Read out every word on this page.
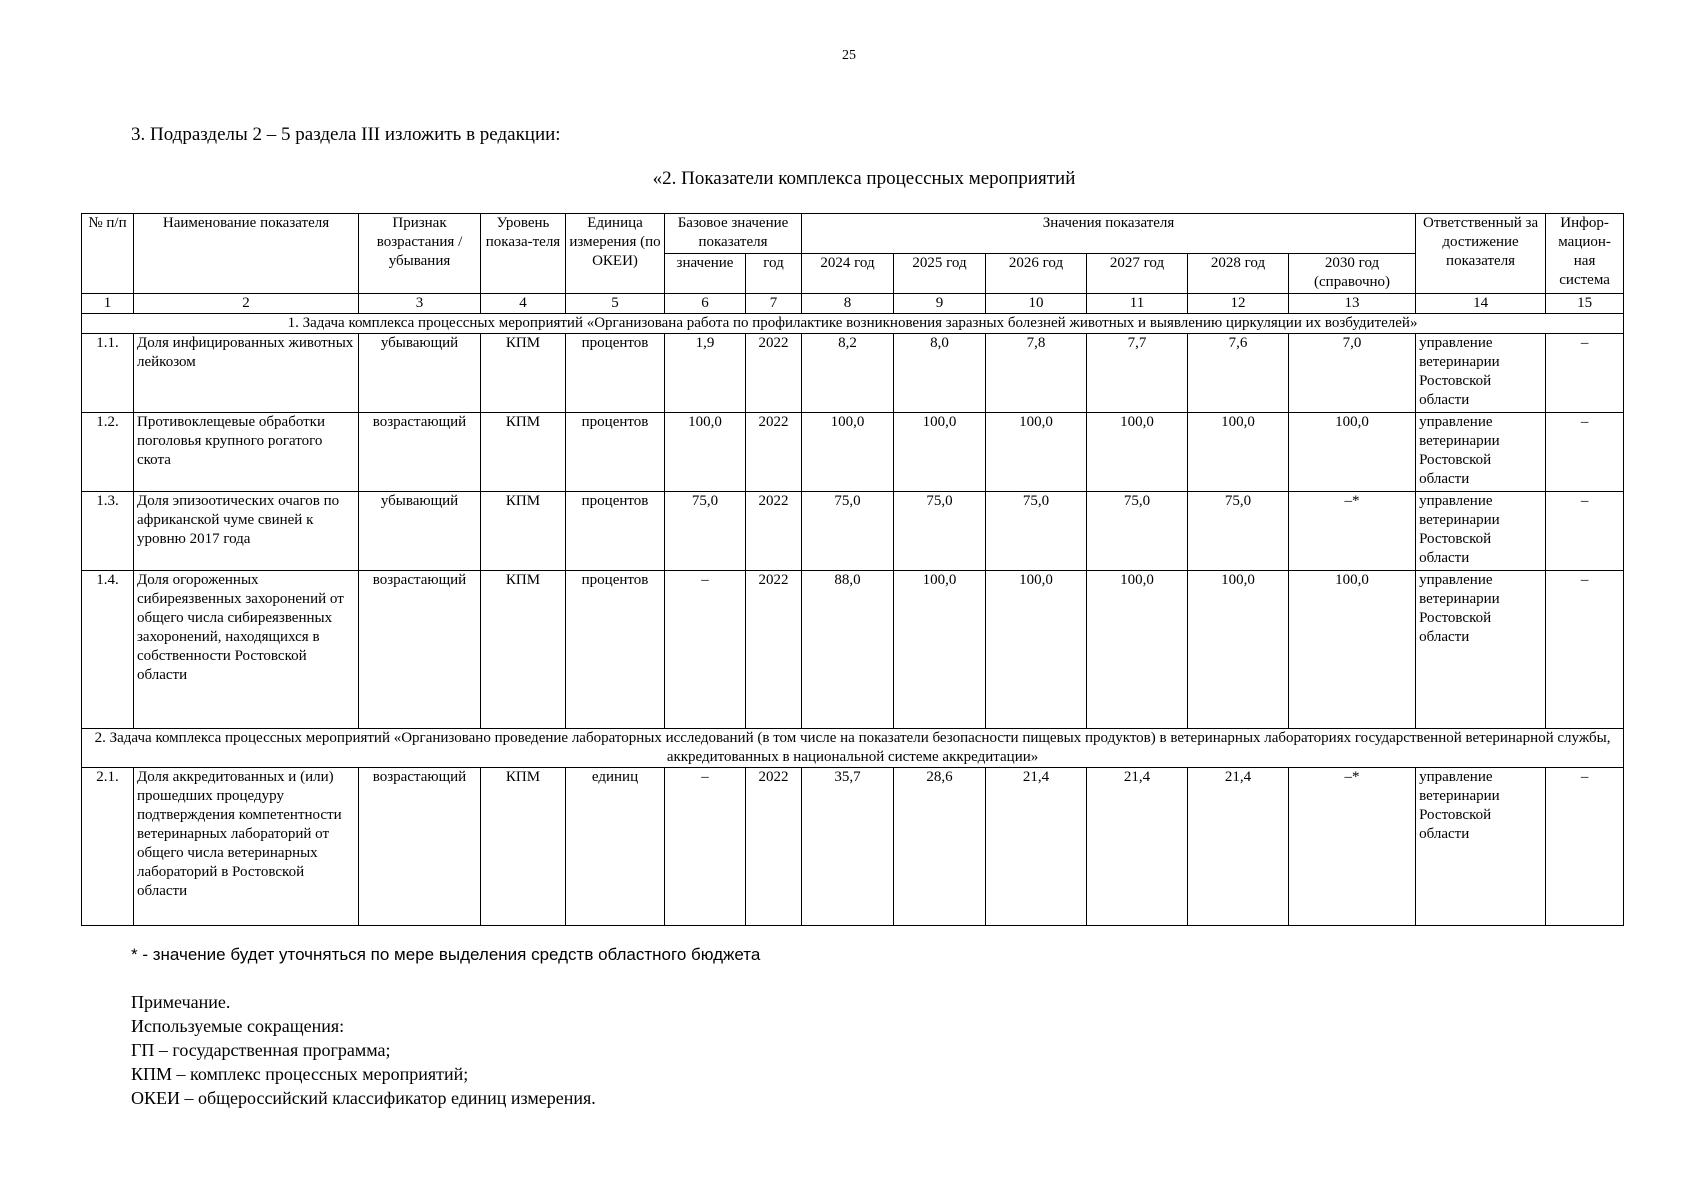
25
3. Подразделы 2 – 5 раздела III изложить в редакции:
«2. Показатели комплекса процессных мероприятий
№ п/п	Наименование показателя	Признак возрастания / убывания	Уровень показа-теля	Единица измерения (по ОКЕИ)	Базовое значение показателя		Значения показателя						Ответственный за достижение показателя	Инфор-мацион-ная система
					значение	год	2024 год	2025 год	2026 год	2027 год	2028 год	2030 год (справочно)		
1	2	3	4	5	6	7	8	9	10	11	12	13	14	15
1. Задача комплекса процессных мероприятий «Организована работа по профилактике возникновения заразных болезней животных и выявлению циркуляции их возбудителей»														
1.1.	Доля инфицированных животных лейкозом	убывающий	КПМ	процентов	1,9	2022	8,2	8,0	7,8	7,7	7,6	7,0	управление ветеринарии Ростовской области	–
1.2.	Противоклещевые обработки поголовья крупного рогатого скота	возрастающий	КПМ	процентов	100,0	2022	100,0	100,0	100,0	100,0	100,0	100,0	управление ветеринарии Ростовской области	–
1.3.	Доля эпизоотических очагов по африканской чуме свиней к уровню 2017 года	убывающий	КПМ	процентов	75,0	2022	75,0	75,0	75,0	75,0	75,0	–*	управление ветеринарии Ростовской области	–
1.4.	Доля огороженных сибиреязвенных захоронений от общего числа сибиреязвенных захоронений, находящихся в собственности Ростовской области	возрастающий	КПМ	процентов	–	2022	88,0	100,0	100,0	100,0	100,0	100,0	управление ветеринарии Ростовской области	–
2. Задача комплекса процессных мероприятий «Организовано проведение лабораторных исследований (в том числе на показатели безопасности пищевых продуктов) в ветеринарных лабораториях государственной ветеринарной службы, аккредитованных в национальной системе аккредитации»														
2.1.	Доля аккредитованных и (или) прошедших процедуру подтверждения компетентности ветеринарных лабораторий от общего числа ветеринарных лабораторий в Ростовской области	возрастающий	КПМ	единиц	–	2022	35,7	28,6	21,4	21,4	21,4	–*	управление ветеринарии Ростовской области	–
* - значение будет уточняться по мере выделения средств областного бюджета
Примечание.
Используемые сокращения:
ГП – государственная программа;
КПМ – комплекс процессных мероприятий;
ОКЕИ – общероссийский классификатор единиц измерения.
